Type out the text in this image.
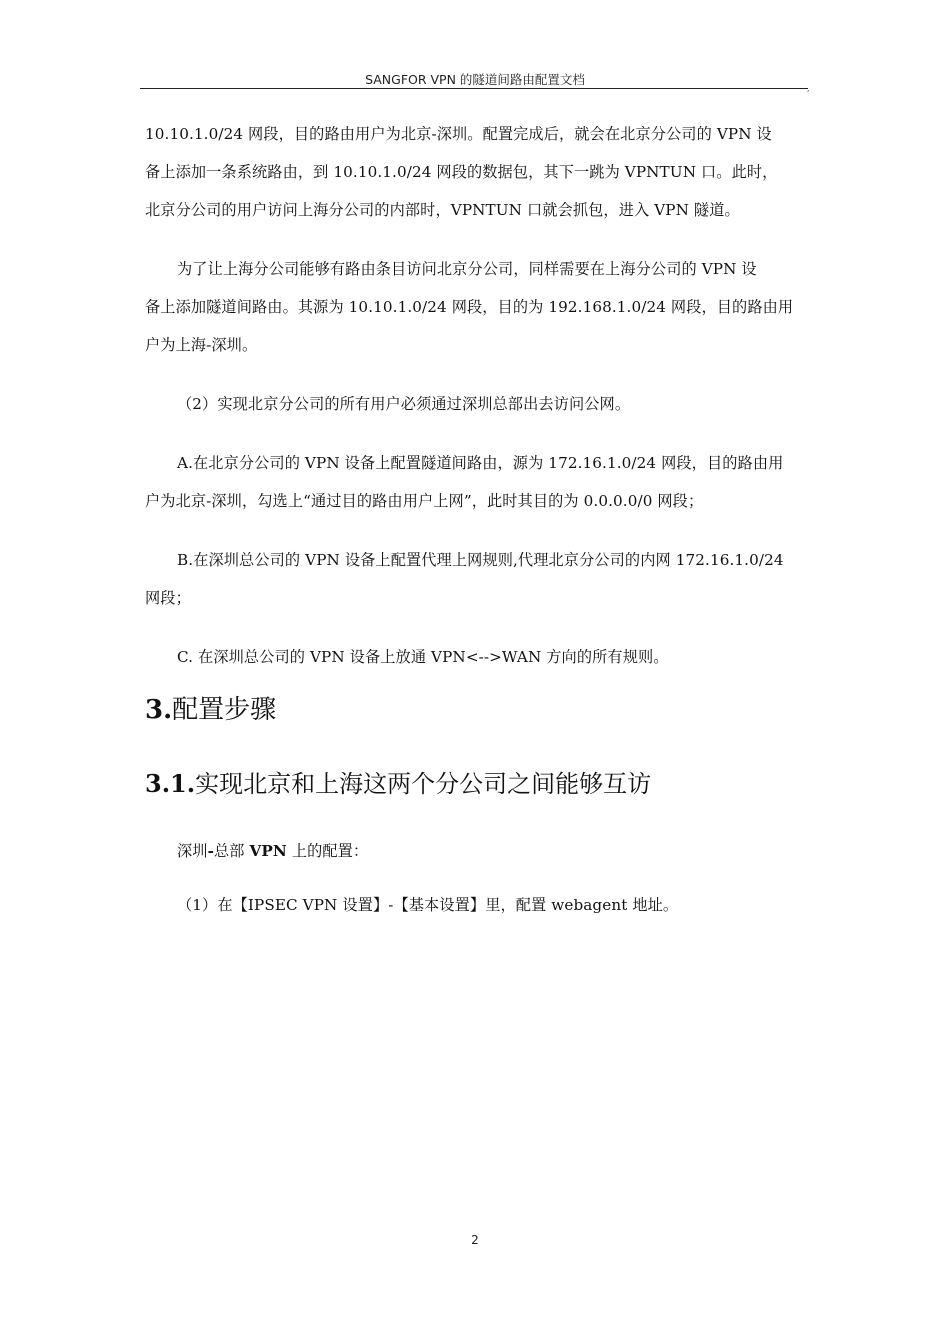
SANGFOR VPN 的隧道间路由配置文档
,

10.10.1.0/24 网段，目的路由用户为北京-深圳。配置完成后，就会在北京分公司的 VPN 设
备上添加一条系统路由，到 10.10.1.0/24 网段的数据包，其下一跳为 VPNTUN 口。此时，
北京分公司的用户访问上海分公司的内部时，VPNTUN 口就会抓包，进入 VPN 隧道。

为了让上海分公司能够有路由条目访问北京分公司，同样需要在上海分公司的 VPN 设
备上添加隧道间路由。其源为 10.10.1.0/24 网段，目的为 192.168.1.0/24 网段，目的路由用
户为上海-深圳。

（2）实现北京分公司的所有用户必须通过深圳总部出去访问公网。

A.在北京分公司的 VPN 设备上配置隧道间路由，源为 172.16.1.0/24 网段，目的路由用
户为北京-深圳，勾选上“通过目的路由用户上网”，此时其目的为 0.0.0.0/0 网段；

B.在深圳总公司的 VPN 设备上配置代理上网规则,代理北京分公司的内网 172.16.1.0/24
网段；

C. 在深圳总公司的 VPN 设备上放通 VPN<-->WAN 方向的所有规则。

3.配置步骤
3.1.实现北京和上海这两个分公司之间能够互访

深圳-总部 VPN 上的配置：

（1）在【IPSEC VPN 设置】-【基本设置】里，配置 webagent 地址。

2
